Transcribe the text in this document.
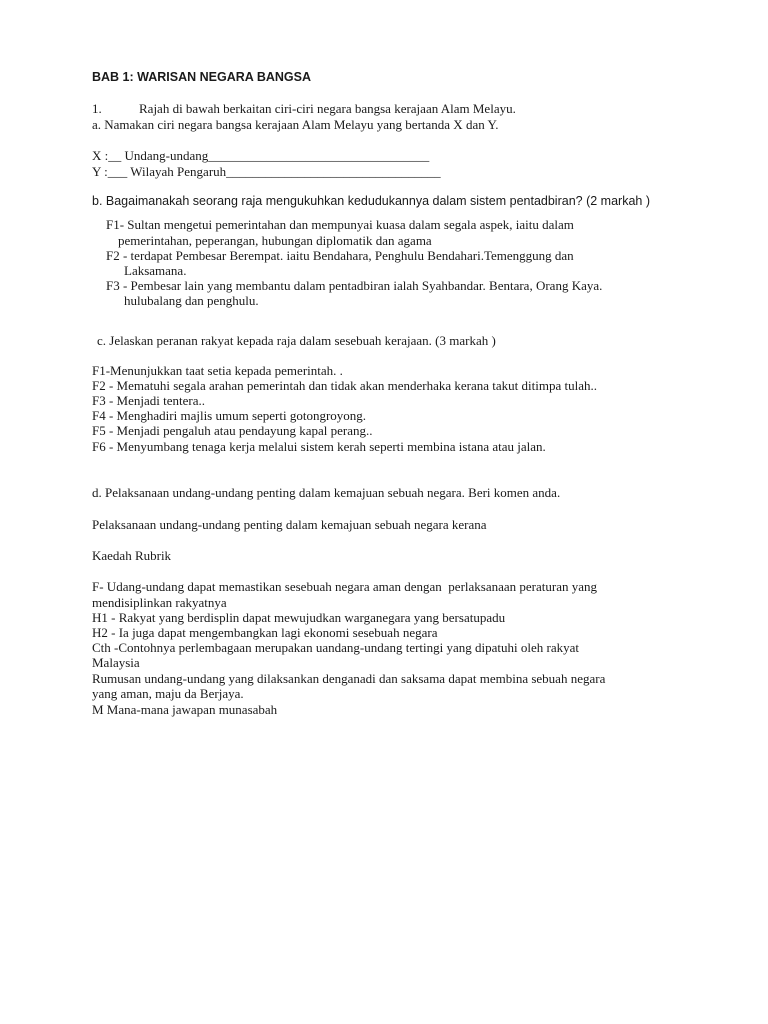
BAB 1: WARISAN NEGARA BANGSA
1.	Rajah di bawah berkaitan ciri-ciri negara bangsa kerajaan Alam Melayu.
a. Namakan ciri negara bangsa kerajaan Alam Melayu yang bertanda X dan Y.
X :__ Undang-undang__________________________________
Y :___ Wilayah Pengaruh_________________________________
b. Bagaimanakah seorang raja mengukuhkan kedudukannya dalam sistem pentadbiran? (2 markah )
F1- Sultan mengetui pemerintahan dan mempunyai kuasa dalam segala aspek, iaitu dalam
pemerintahan, peperangan, hubungan diplomatik dan agama
F2 - terdapat Pembesar Berempat. iaitu Bendahara, Penghulu Bendahari.Temenggung dan
Laksamana.
F3 - Pembesar lain yang membantu dalam pentadbiran ialah Syahbandar. Bentara, Orang Kaya.
hulubalang dan penghulu.
c. Jelaskan peranan rakyat kepada raja dalam sesebuah kerajaan. (3 markah )
F1-Menunjukkan taat setia kepada pemerintah. .
F2 - Mematuhi segala arahan pemerintah dan tidak akan menderhaka kerana takut ditimpa tulah..
F3 - Menjadi tentera..
F4 - Menghadiri majlis umum seperti gotongroyong.
F5 - Menjadi pengaluh atau pendayung kapal perang..
F6 - Menyumbang tenaga kerja melalui sistem kerah seperti membina istana atau jalan.
d. Pelaksanaan undang-undang penting dalam kemajuan sebuah negara. Beri komen anda.
Pelaksanaan undang-undang penting dalam kemajuan sebuah negara kerana
Kaedah Rubrik
F- Udang-undang dapat memastikan sesebuah negara aman dengan  perlaksanaan peraturan yang
mendisiplinkan rakyatnya
H1 - Rakyat yang berdisplin dapat mewujudkan warganegara yang bersatupadu
H2 - Ia juga dapat mengembangkan lagi ekonomi sesebuah negara
Cth -Contohnya perlembagaan merupakan uandang-undang tertingi yang dipatuhi oleh rakyat
Malaysia
Rumusan undang-undang yang dilaksankan denganadi dan saksama dapat membina sebuah negara
yang aman, maju da Berjaya.
M Mana-mana jawapan munasabah
